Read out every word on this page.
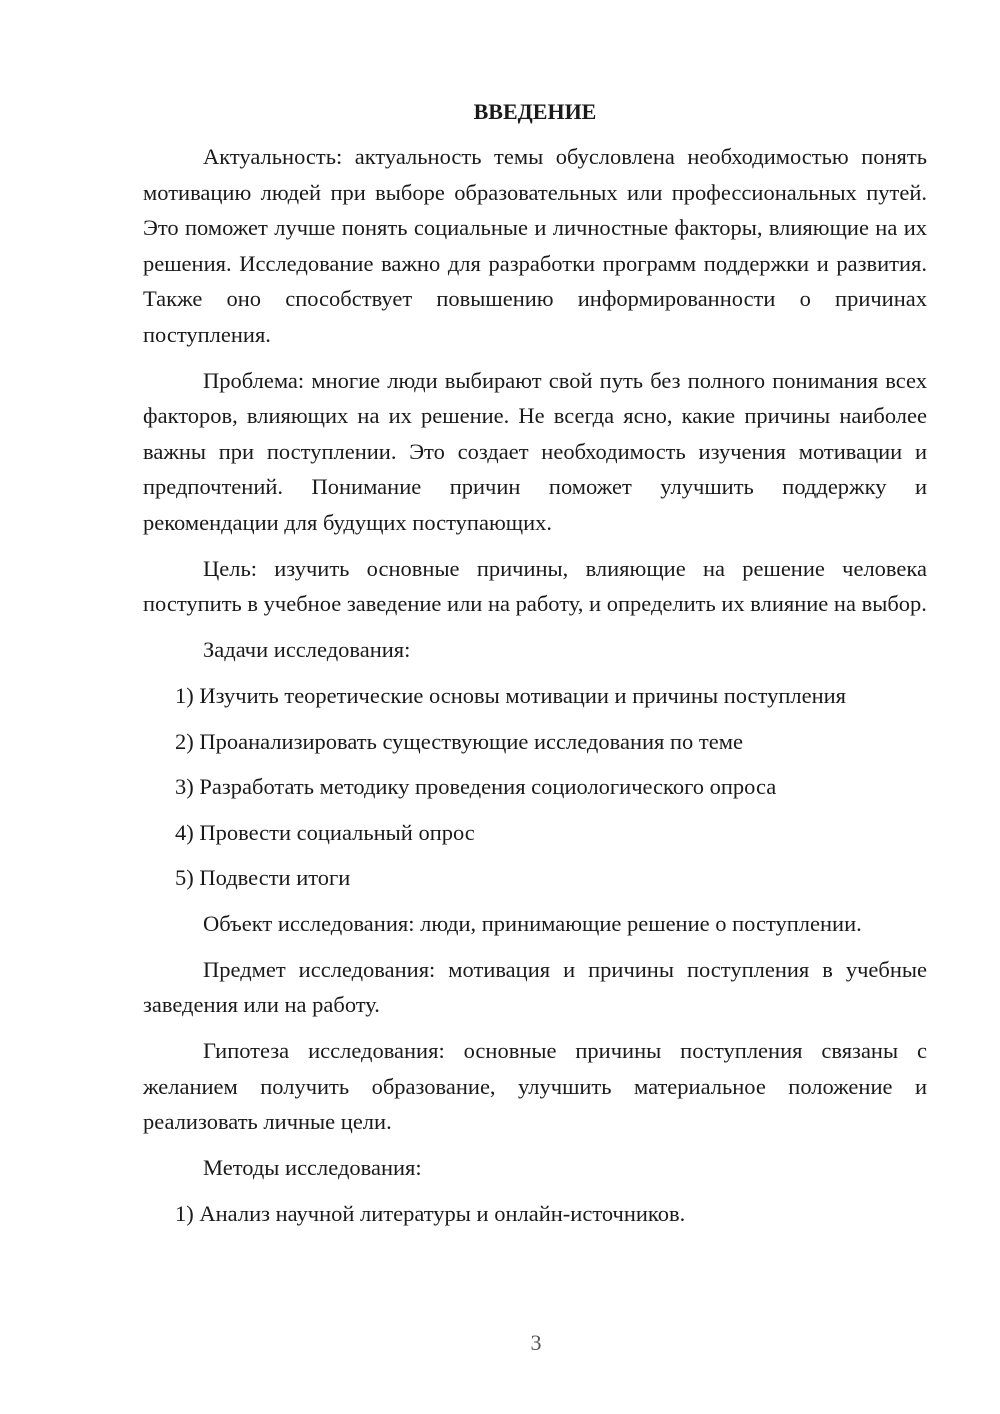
ВВЕДЕНИЕ

Актуальность: актуальность темы обусловлена необходимостью понять мотивацию людей при выборе образовательных или профессиональных путей. Это поможет лучше понять социальные и личностные факторы, влияющие на их решения. Исследование важно для разработки программ поддержки и развития. Также оно способствует повышению информированности о причинах поступления.

Проблема: многие люди выбирают свой путь без полного понимания всех факторов, влияющих на их решение. Не всегда ясно, какие причины наиболее важны при поступлении. Это создает необходимость изучения мотивации и предпочтений. Понимание причин поможет улучшить поддержку и рекомендации для будущих поступающих.

Цель: изучить основные причины, влияющие на решение человека поступить в учебное заведение или на работу, и определить их влияние на выбор.

Задачи исследования:

1) Изучить теоретические основы мотивации и причины поступления
2) Проанализировать существующие исследования по теме
3) Разработать методику проведения социологического опроса
4) Провести социальный опрос
5) Подвести итоги

Объект исследования: люди, принимающие решение о поступлении.

Предмет исследования: мотивация и причины поступления в учебные заведения или на работу.

Гипотеза исследования: основные причины поступления связаны с желанием получить образование, улучшить материальное положение и реализовать личные цели.

Методы исследования:

1) Анализ научной литературы и онлайн-источников.
3
